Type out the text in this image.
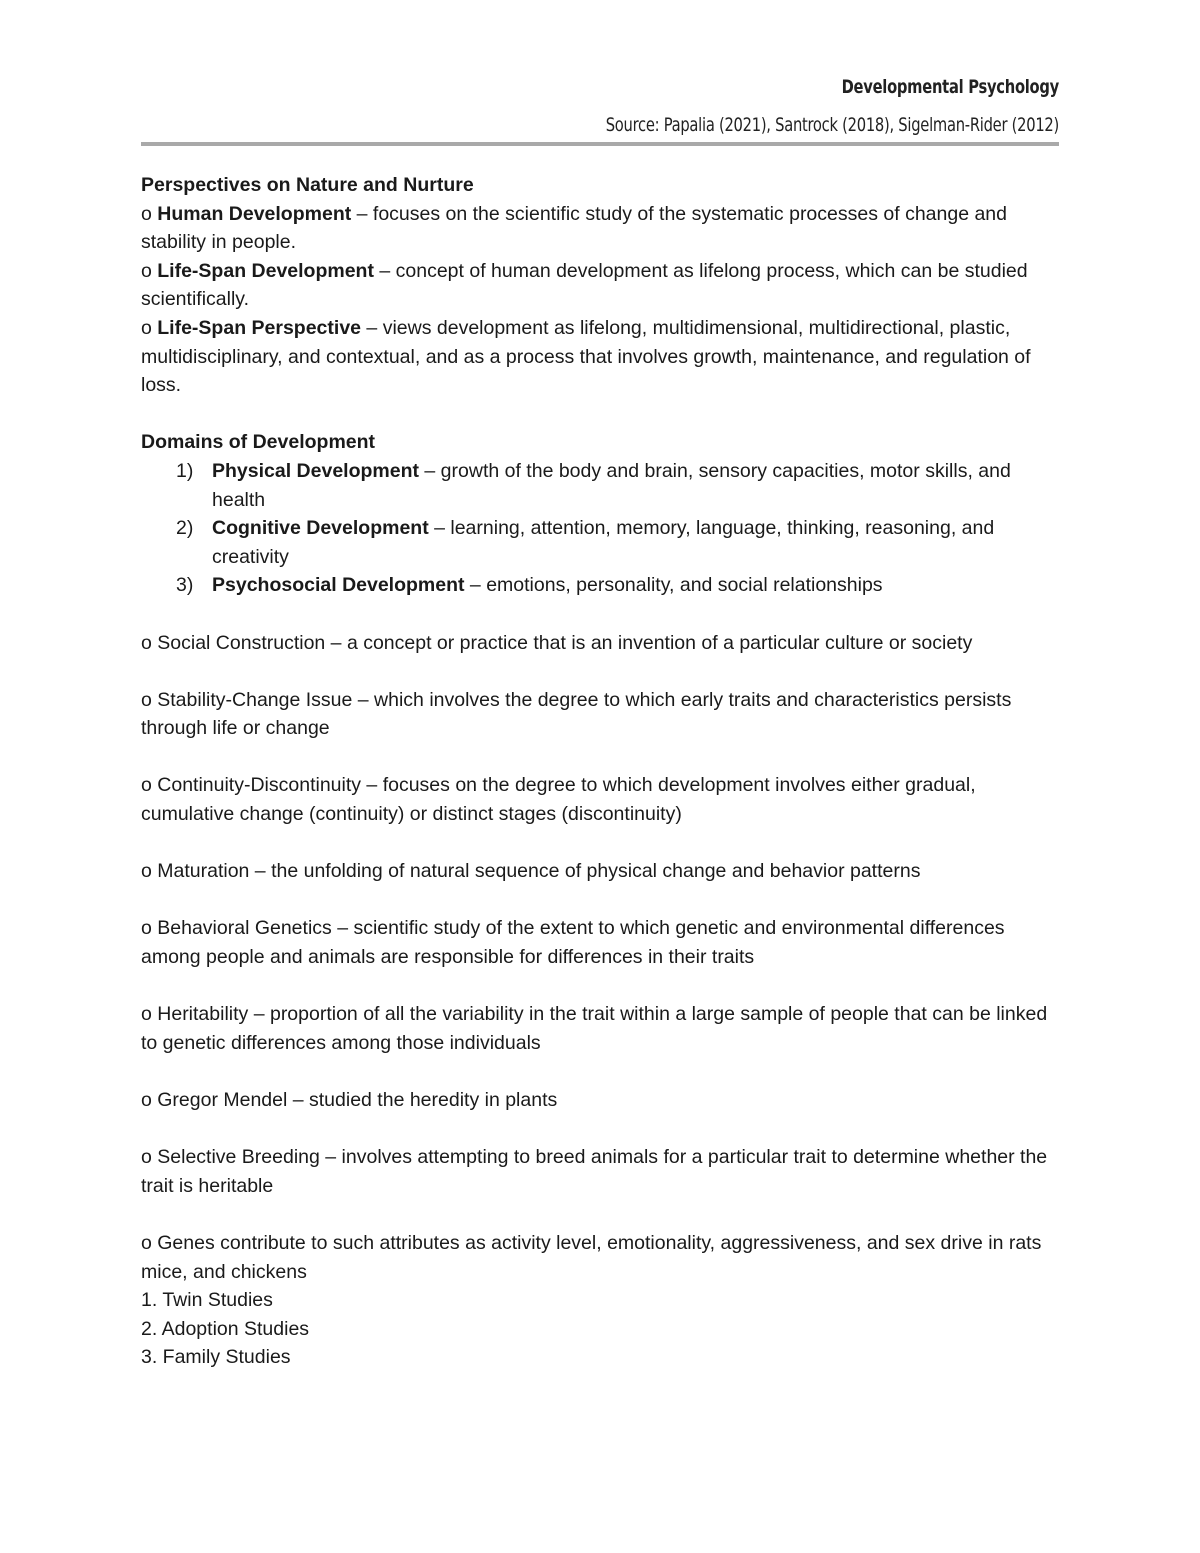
Developmental Psychology
Source: Papalia (2021), Santrock (2018), Sigelman-Rider (2012)

Perspectives on Nature and Nurture

o Human Development – focuses on the scientific study of the systematic processes of change and stability in people.

o Life-Span Development – concept of human development as lifelong process, which can be studied scientifically.

o Life-Span Perspective – views development as lifelong, multidimensional, multidirectional, plastic, multidisciplinary, and contextual, and as a process that involves growth, maintenance, and regulation of loss.

Domains of Development

1) Physical Development – growth of the body and brain, sensory capacities, motor skills, and health
2) Cognitive Development – learning, attention, memory, language, thinking, reasoning, and creativity
3) Psychosocial Development – emotions, personality, and social relationships

o Social Construction – a concept or practice that is an invention of a particular culture or society

o Stability-Change Issue – which involves the degree to which early traits and characteristics persists through life or change

o Continuity-Discontinuity – focuses on the degree to which development involves either gradual, cumulative change (continuity) or distinct stages (discontinuity)

o Maturation – the unfolding of natural sequence of physical change and behavior patterns

o Behavioral Genetics – scientific study of the extent to which genetic and environmental differences among people and animals are responsible for differences in their traits

o Heritability – proportion of all the variability in the trait within a large sample of people that can be linked to genetic differences among those individuals

o Gregor Mendel – studied the heredity in plants

o Selective Breeding – involves attempting to breed animals for a particular trait to determine whether the trait is heritable

o Genes contribute to such attributes as activity level, emotionality, aggressiveness, and sex drive in rats mice, and chickens

1. Twin Studies

2. Adoption Studies

3. Family Studies
